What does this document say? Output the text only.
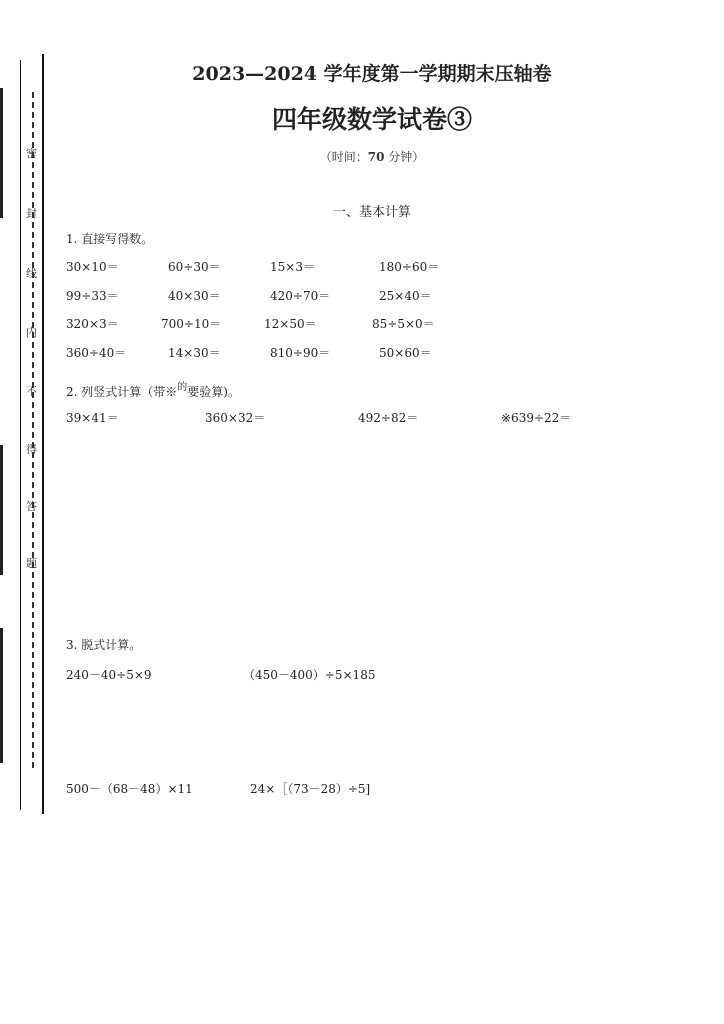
密
封
线
内
不
得
答
题
2023—2024 学年度第一学期期末压轴卷
四年级数学试卷③
（时间：70 分钟）
一、基本计算
1. 直接写得数。
30×10＝	60÷30＝	15×3＝	180÷60＝
99÷33＝	40×30＝	420÷70＝	25×40＝
320×3＝	700÷10＝	12×50＝	85÷5×0＝
360÷40＝	14×30＝	810÷90＝	50×60＝
2. 列竖式计算（带※$^的$要验算)。
39×41＝	360×32＝	492÷82＝	※639÷22＝
3. 脱式计算。
240－40÷5×9	（450－400）÷5×185
500－（68－48）×11	24×［（73－28）÷5]
